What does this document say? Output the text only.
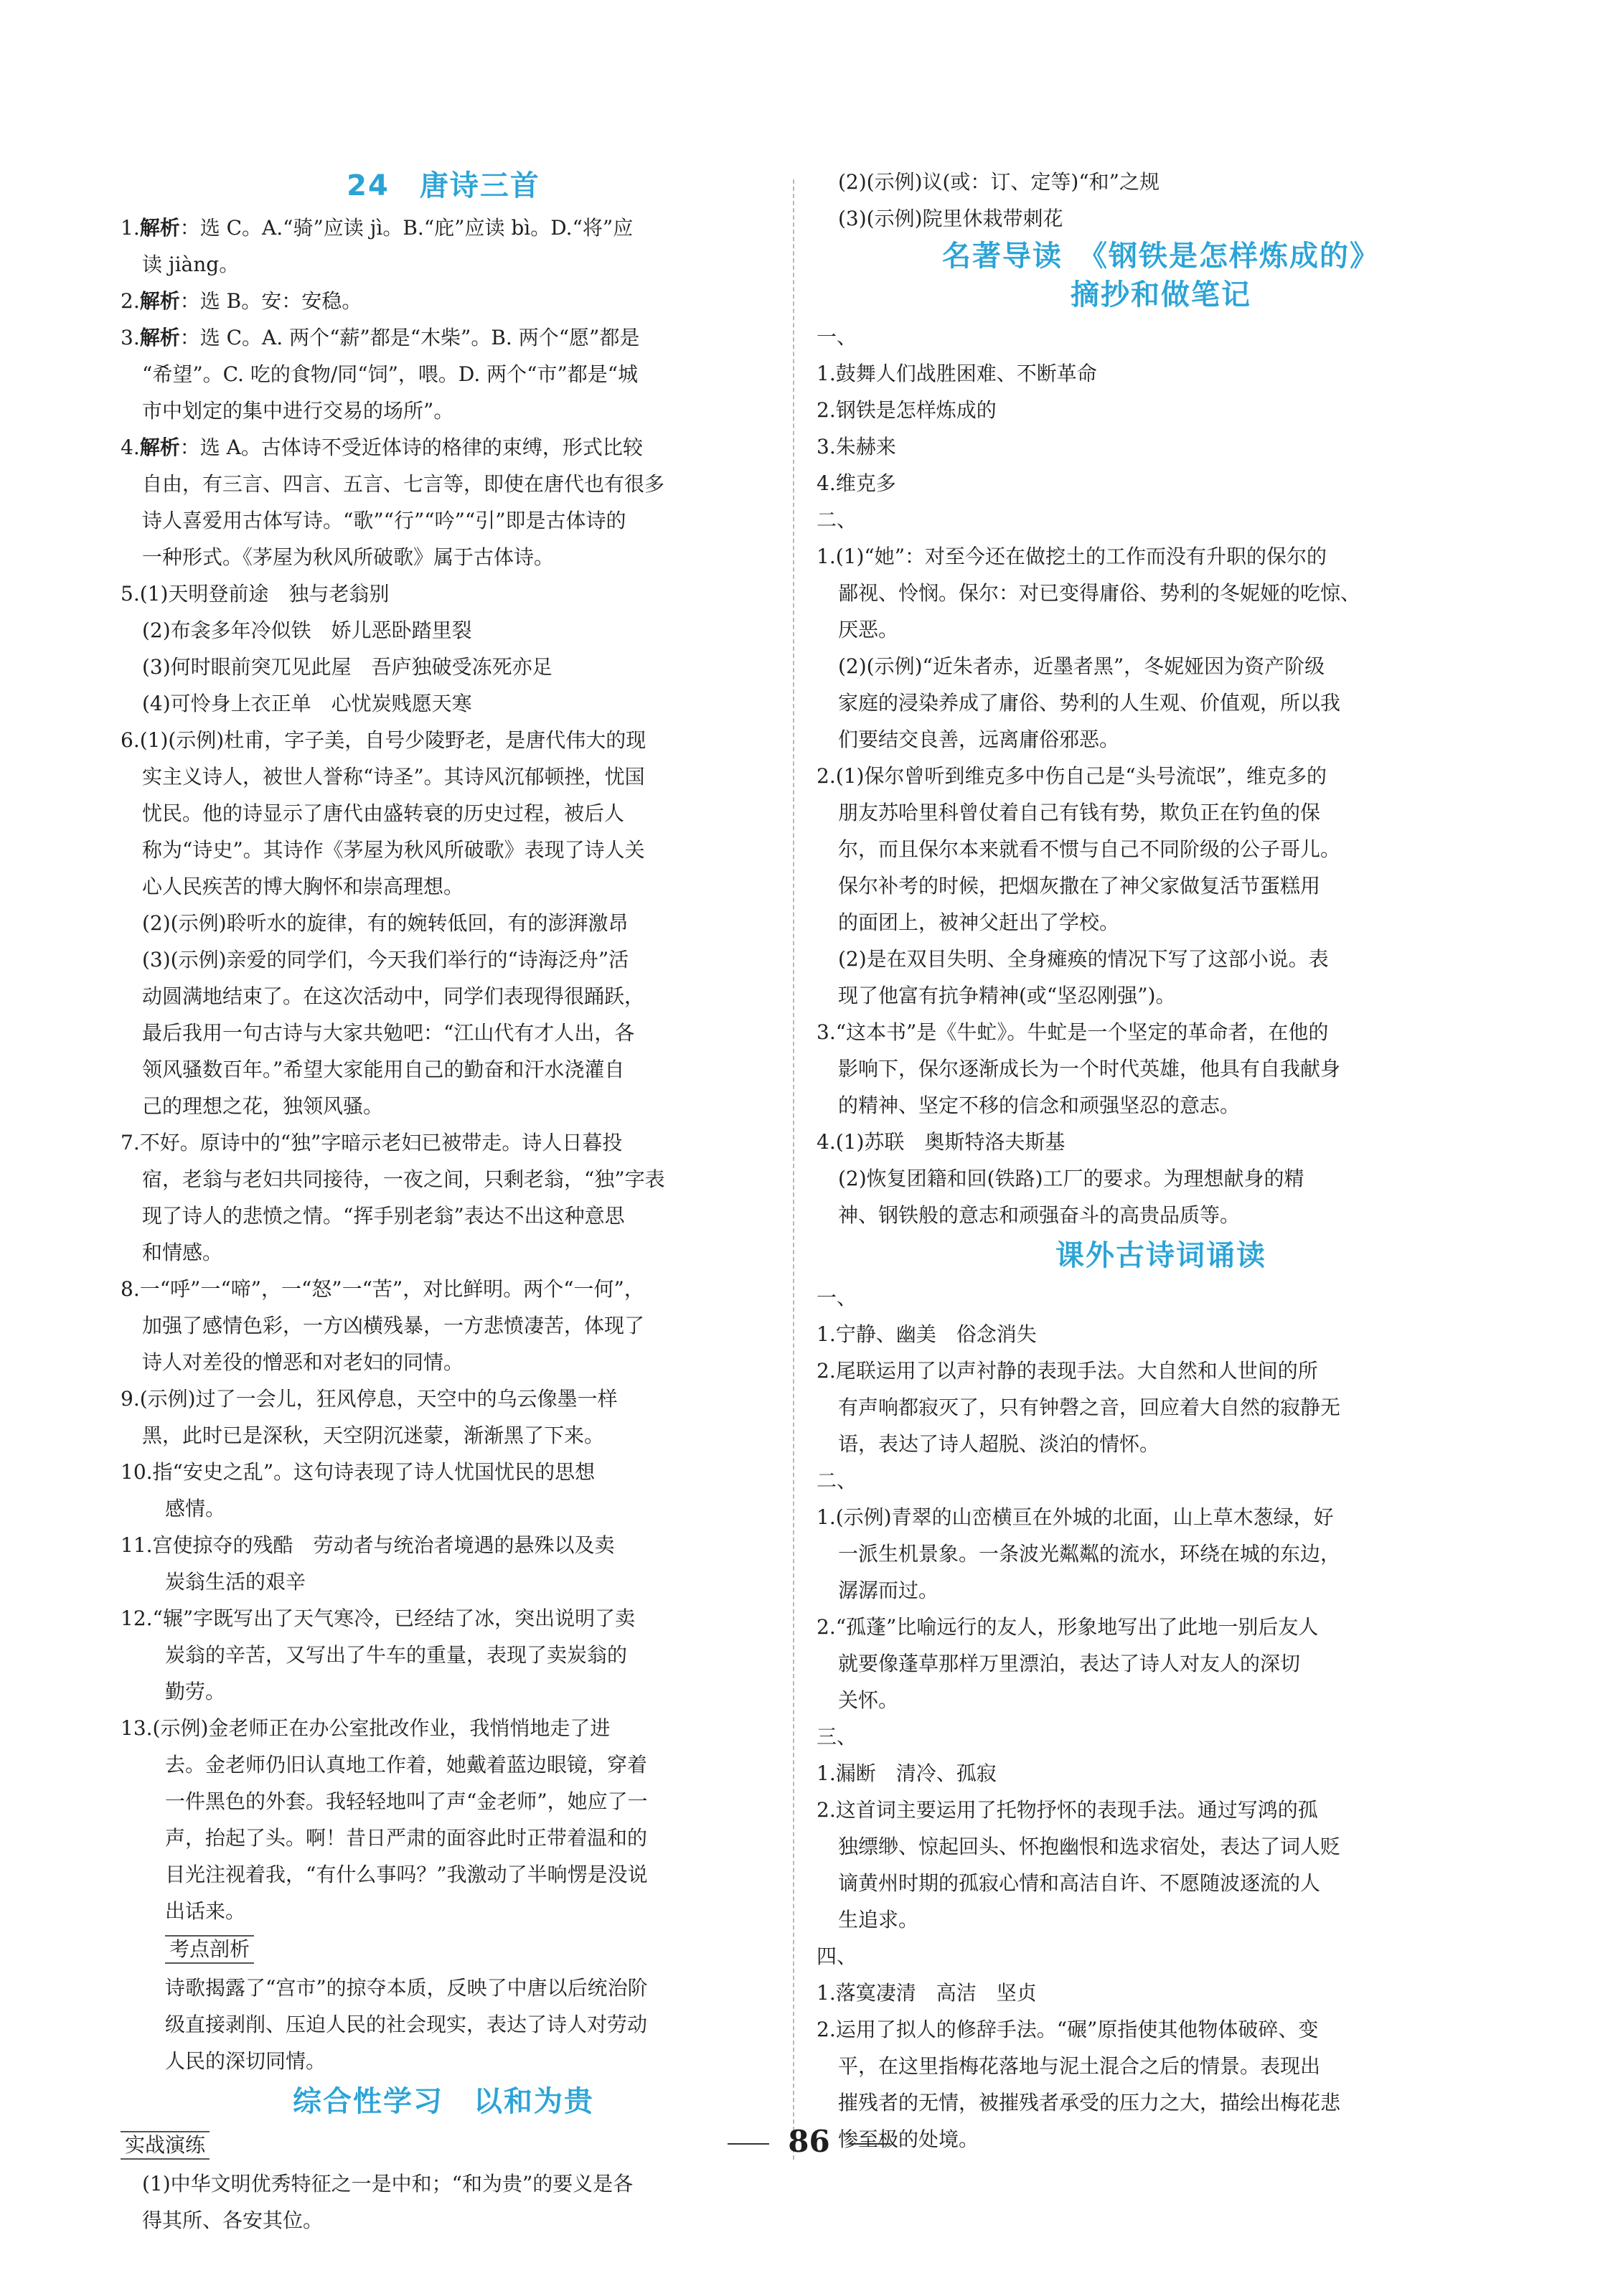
24　唐诗三首
1.解析：选 C。A.“骑”应读 jì。B.“庇”应读 bì。D.“将”应
读 jiàng。
2.解析：选 B。安：安稳。
3.解析：选 C。A. 两个“薪”都是“木柴”。B. 两个“愿”都是
“希望”。C. 吃的食物/同“饲”，喂。D. 两个“市”都是“城
市中划定的集中进行交易的场所”。
4.解析：选 A。古体诗不受近体诗的格律的束缚，形式比较
自由，有三言、四言、五言、七言等，即使在唐代也有很多
诗人喜爱用古体写诗。“歌”“行”“吟”“引”即是古体诗的
一种形式。《茅屋为秋风所破歌》属于古体诗。
5.(1)天明登前途　独与老翁别
(2)布衾多年冷似铁　娇儿恶卧踏里裂
(3)何时眼前突兀见此屋　吾庐独破受冻死亦足
(4)可怜身上衣正单　心忧炭贱愿天寒
6.(1)(示例)杜甫，字子美，自号少陵野老，是唐代伟大的现
实主义诗人，被世人誉称“诗圣”。其诗风沉郁顿挫，忧国
忧民。他的诗显示了唐代由盛转衰的历史过程，被后人
称为“诗史”。其诗作《茅屋为秋风所破歌》表现了诗人关
心人民疾苦的博大胸怀和崇高理想。
(2)(示例)聆听水的旋律，有的婉转低回，有的澎湃激昂
(3)(示例)亲爱的同学们，今天我们举行的“诗海泛舟”活
动圆满地结束了。在这次活动中，同学们表现得很踊跃，
最后我用一句古诗与大家共勉吧：“江山代有才人出，各
领风骚数百年。”希望大家能用自己的勤奋和汗水浇灌自
己的理想之花，独领风骚。
7.不好。原诗中的“独”字暗示老妇已被带走。诗人日暮投
宿，老翁与老妇共同接待，一夜之间，只剩老翁，“独”字表
现了诗人的悲愤之情。“挥手别老翁”表达不出这种意思
和情感。
8.一“呼”一“啼”，一“怒”一“苦”，对比鲜明。两个“一何”，
加强了感情色彩，一方凶横残暴，一方悲愤凄苦，体现了
诗人对差役的憎恶和对老妇的同情。
9.(示例)过了一会儿，狂风停息，天空中的乌云像墨一样
黑，此时已是深秋，天空阴沉迷蒙，渐渐黑了下来。
10.指“安史之乱”。这句诗表现了诗人忧国忧民的思想
感情。
11.宫使掠夺的残酷　劳动者与统治者境遇的悬殊以及卖
炭翁生活的艰辛
12.“辗”字既写出了天气寒冷，已经结了冰，突出说明了卖
炭翁的辛苦，又写出了牛车的重量，表现了卖炭翁的
勤劳。
13.(示例)金老师正在办公室批改作业，我悄悄地走了进
去。金老师仍旧认真地工作着，她戴着蓝边眼镜，穿着
一件黑色的外套。我轻轻地叫了声“金老师”，她应了一
声，抬起了头。啊！昔日严肃的面容此时正带着温和的
目光注视着我，“有什么事吗？”我激动了半晌愣是没说
出话来。
考点剖析
诗歌揭露了“宫市”的掠夺本质，反映了中唐以后统治阶
级直接剥削、压迫人民的社会现实，表达了诗人对劳动
人民的深切同情。
综合性学习　以和为贵
实战演练
(1)中华文明优秀特征之一是中和；“和为贵”的要义是各
得其所、各安其位。
(2)(示例)议(或：订、定等)“和”之规
(3)(示例)院里休栽带刺花
名著导读　《钢铁是怎样炼成的》
摘抄和做笔记
一、
1.鼓舞人们战胜困难、不断革命
2.钢铁是怎样炼成的
3.朱赫来
4.维克多
二、
1.(1)“她”：对至今还在做挖土的工作而没有升职的保尔的
鄙视、怜悯。保尔：对已变得庸俗、势利的冬妮娅的吃惊、
厌恶。
(2)(示例)“近朱者赤，近墨者黑”，冬妮娅因为资产阶级
家庭的浸染养成了庸俗、势利的人生观、价值观，所以我
们要结交良善，远离庸俗邪恶。
2.(1)保尔曾听到维克多中伤自己是“头号流氓”，维克多的
朋友苏哈里科曾仗着自己有钱有势，欺负正在钓鱼的保
尔，而且保尔本来就看不惯与自己不同阶级的公子哥儿。
保尔补考的时候，把烟灰撒在了神父家做复活节蛋糕用
的面团上，被神父赶出了学校。
(2)是在双目失明、全身瘫痪的情况下写了这部小说。表
现了他富有抗争精神(或“坚忍刚强”)。
3.“这本书”是《牛虻》。牛虻是一个坚定的革命者，在他的
影响下，保尔逐渐成长为一个时代英雄，他具有自我献身
的精神、坚定不移的信念和顽强坚忍的意志。
4.(1)苏联　奥斯特洛夫斯基
(2)恢复团籍和回(铁路)工厂的要求。为理想献身的精
神、钢铁般的意志和顽强奋斗的高贵品质等。
课外古诗词诵读
一、
1.宁静、幽美　俗念消失
2.尾联运用了以声衬静的表现手法。大自然和人世间的所
有声响都寂灭了，只有钟磬之音，回应着大自然的寂静无
语，表达了诗人超脱、淡泊的情怀。
二、
1.(示例)青翠的山峦横亘在外城的北面，山上草木葱绿，好
一派生机景象。一条波光粼粼的流水，环绕在城的东边，
潺潺而过。
2.“孤蓬”比喻远行的友人，形象地写出了此地一别后友人
就要像蓬草那样万里漂泊，表达了诗人对友人的深切
关怀。
三、
1.漏断　清冷、孤寂
2.这首词主要运用了托物抒怀的表现手法。通过写鸿的孤
独缥缈、惊起回头、怀抱幽恨和选求宿处，表达了词人贬
谪黄州时期的孤寂心情和高洁自许、不愿随波逐流的人
生追求。
四、
1.落寞凄清　高洁　坚贞
2.运用了拟人的修辞手法。“碾”原指使其他物体破碎、变
平，在这里指梅花落地与泥土混合之后的情景。表现出
摧残者的无情，被摧残者承受的压力之大，描绘出梅花悲
惨至极的处境。
86
